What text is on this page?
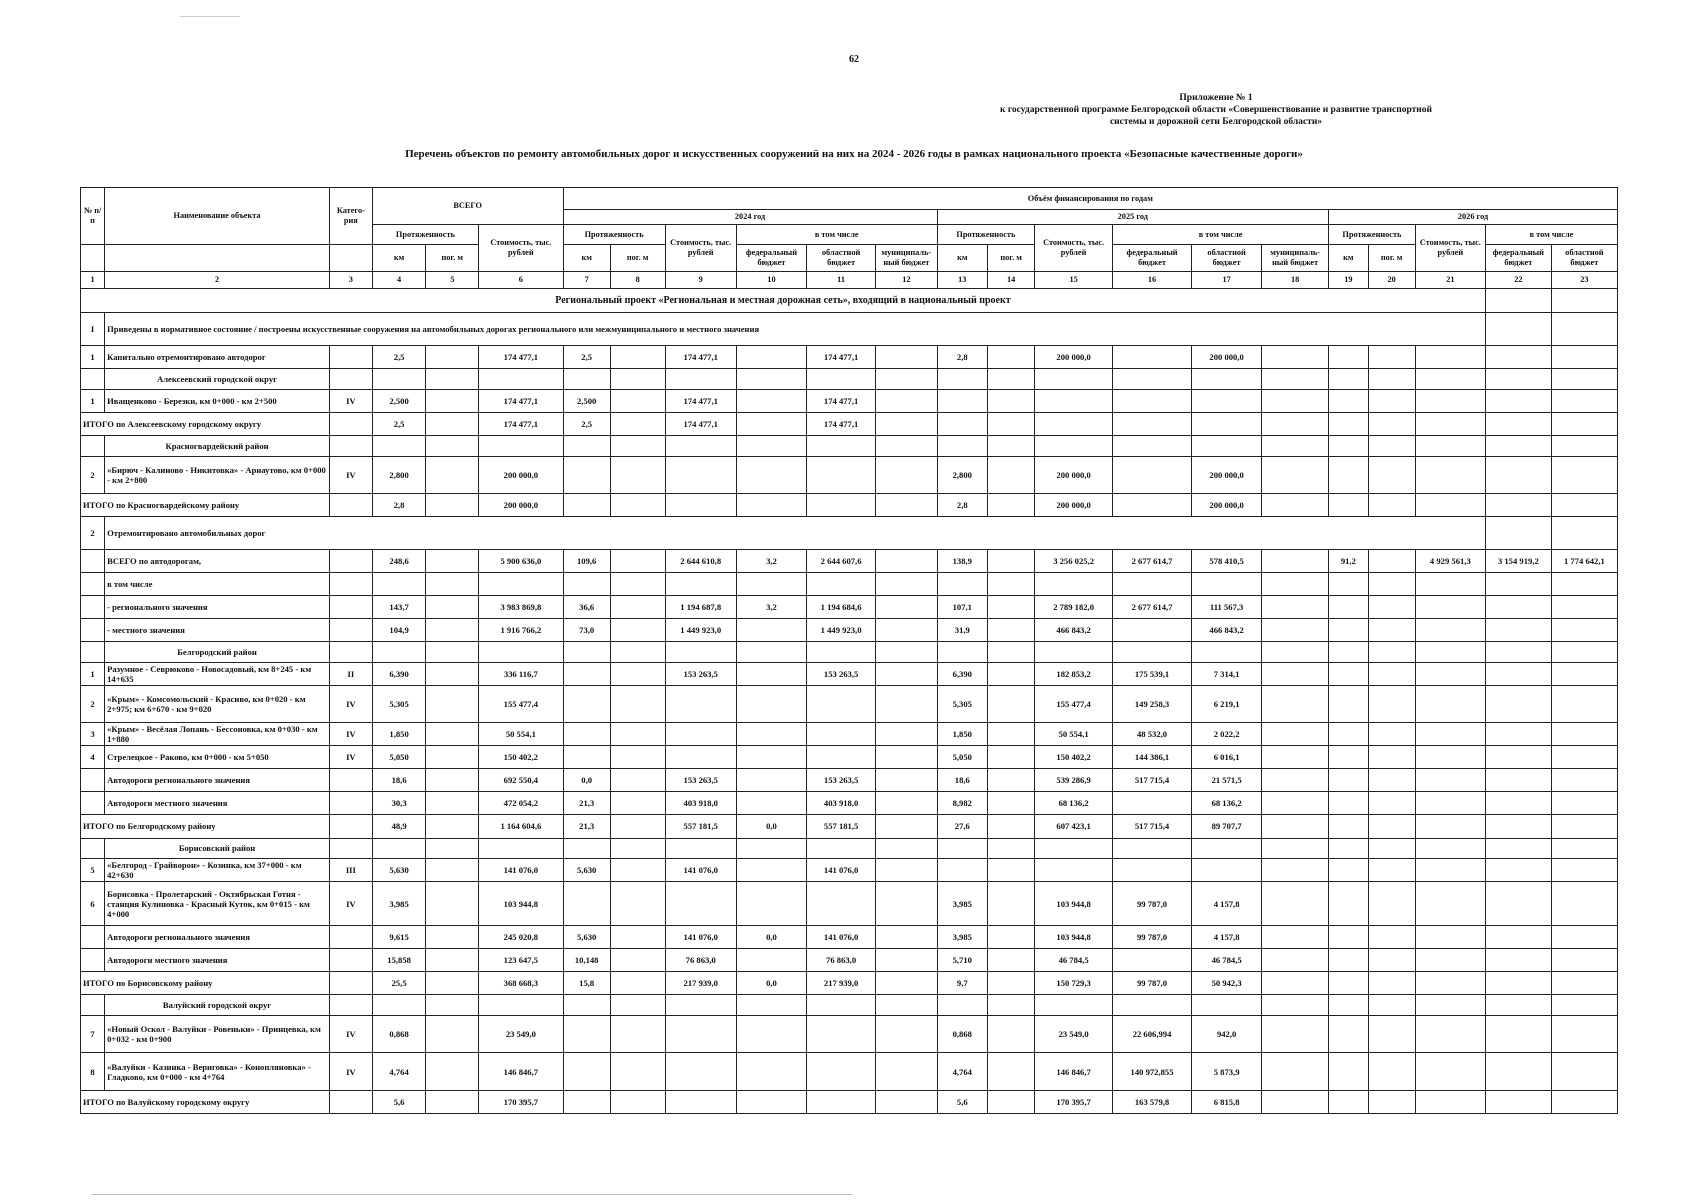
62
Приложение № 1
к государственной программе Белгородской области «Совершенствование и развитие транспортной
системы и дорожной сети Белгородской области»
Перечень объектов по ремонту автомобильных дорог и искусственных сооружений на них на 2024 - 2026 годы в рамках национального проекта «Безопасные качественные дороги»
№ п/п	Наименование объекта	Катего-рия	ВСЕГО			Объём финансирования по годам																
						2024 год						2025 год						2026 год				
			Протяженность		Стоимость, тыс. рублей	Протяженность		Стоимость, тыс. рублей	в том числе			Протяженность		Стоимость, тыс. рублей	в том числе			Протяженность		Стоимость, тыс. рублей	в том числе	
			км	пог. м		км	пог. м		федеральный бюджет	областной бюджет	муниципаль-ный бюджет	км	пог. м		федеральный бюджет	областной бюджет	муниципаль-ный бюджет	км	пог. м		федеральный бюджет	областной бюджет
1	2	3	4	5	6	7	8	9	10	11	12	13	14	15	16	17	18	19	20	21	22	23
Региональный проект «Региональная и местная дорожная сеть», входящий в национальный проект																						
I	Приведены в нормативное состояние / построены искусственные сооружения на автомобильных дорогах регионального или межмуниципального и местного значения																					
1	Капитально отремонтировано автодорог		2,5		174 477,1	2,5		174 477,1		174 477,1		2,8		200 000,0		200 000,0						
	Алексеевский городской округ																					
1	Иващенково - Березки, км 0+000 - км 2+500	IV	2,500		174 477,1	2,500		174 477,1		174 477,1												
ИТОГО по Алексеевскому городскому округу			2,5		174 477,1	2,5		174 477,1		174 477,1												
	Красногвардейский район																					
2	«Бирюч - Калиново - Никитовка» - Арнаутово, км 0+000 - км 2+800	IV	2,800		200 000,0							2,800		200 000,0		200 000,0						
ИТОГО по Красногвардейскому району			2,8		200 000,0							2,8		200 000,0		200 000,0						
2	Отремонтировано автомобильных дорог																					
	ВСЕГО по автодорогам,		248,6		5 900 636,0	109,6		2 644 610,8	3,2	2 644 607,6		138,9		3 256 025,2	2 677 614,7	578 410,5		91,2		4 929 561,3	3 154 919,2	1 774 642,1
	в том числе																					
	- регионального значения		143,7		3 983 869,8	36,6		1 194 687,8	3,2	1 194 684,6		107,1		2 789 182,0	2 677 614,7	111 567,3						
	- местного значения		104,9		1 916 766,2	73,0		1 449 923,0		1 449 923,0		31,9		466 843,2		466 843,2						
	Белгородский район																					
1	Разумное - Севрюково - Новосадовый, км 8+245 - км 14+635	II	6,390		336 116,7			153 263,5		153 263,5		6,390		182 853,2	175 539,1	7 314,1						
2	«Крым» - Комсомольский - Красиво, км 0+020 - км 2+975; км 6+670 - км 9+020	IV	5,305		155 477,4							5,305		155 477,4	149 258,3	6 219,1						
3	«Крым» - Весёлая Лопань - Бессоновка, км 0+030 - км 1+880	IV	1,850		50 554,1							1,850		50 554,1	48 532,0	2 022,2						
4	Стрелецкое - Раково, км 0+000 - км 5+050	IV	5,050		150 402,2							5,050		150 402,2	144 386,1	6 016,1						
	Автодороги регионального значения		18,6		692 550,4	0,0		153 263,5		153 263,5		18,6		539 286,9	517 715,4	21 571,5						
	Автодороги местного значения		30,3		472 054,2	21,3		403 918,0		403 918,0		8,982		68 136,2		68 136,2						
ИТОГО по Белгородскому району			48,9		1 164 604,6	21,3		557 181,5	0,0	557 181,5		27,6		607 423,1	517 715,4	89 707,7						
	Борисовский район																					
5	«Белгород - Грайворон» - Козинка, км 37+000 - км 42+630	III	5,630		141 076,0	5,630		141 076,0		141 076,0												
6	Борисовка - Пролетарский - Октябрьская Готня - станция Кулиновка - Красный Куток, км 0+015 - км 4+000	IV	3,985		103 944,8							3,985		103 944,8	99 787,0	4 157,8						
	Автодороги регионального значения		9,615		245 020,8	5,630		141 076,0	0,0	141 076,0		3,985		103 944,8	99 787,0	4 157,8						
	Автодороги местного значения		15,858		123 647,5	10,148		76 863,0		76 863,0		5,710		46 784,5		46 784,5						
ИТОГО по Борисовскому району			25,5		368 668,3	15,8		217 939,0	0,0	217 939,0		9,7		150 729,3	99 787,0	50 942,3						
	Валуйский городской округ																					
7	«Новый Оскол - Валуйки - Ровеньки» - Принцевка, км 0+032 - км 0+900	IV	0,868		23 549,0							0,868		23 549,0	22 606,994	942,0						
8	«Валуйки - Казинка - Вериговка» - Конопляновка» - Гладково, км 0+000 - км 4+764	IV	4,764		146 846,7							4,764		146 846,7	140 972,855	5 873,9						
ИТОГО по Валуйскому городскому округу			5,6		170 395,7							5,6		170 395,7	163 579,8	6 815,8						
